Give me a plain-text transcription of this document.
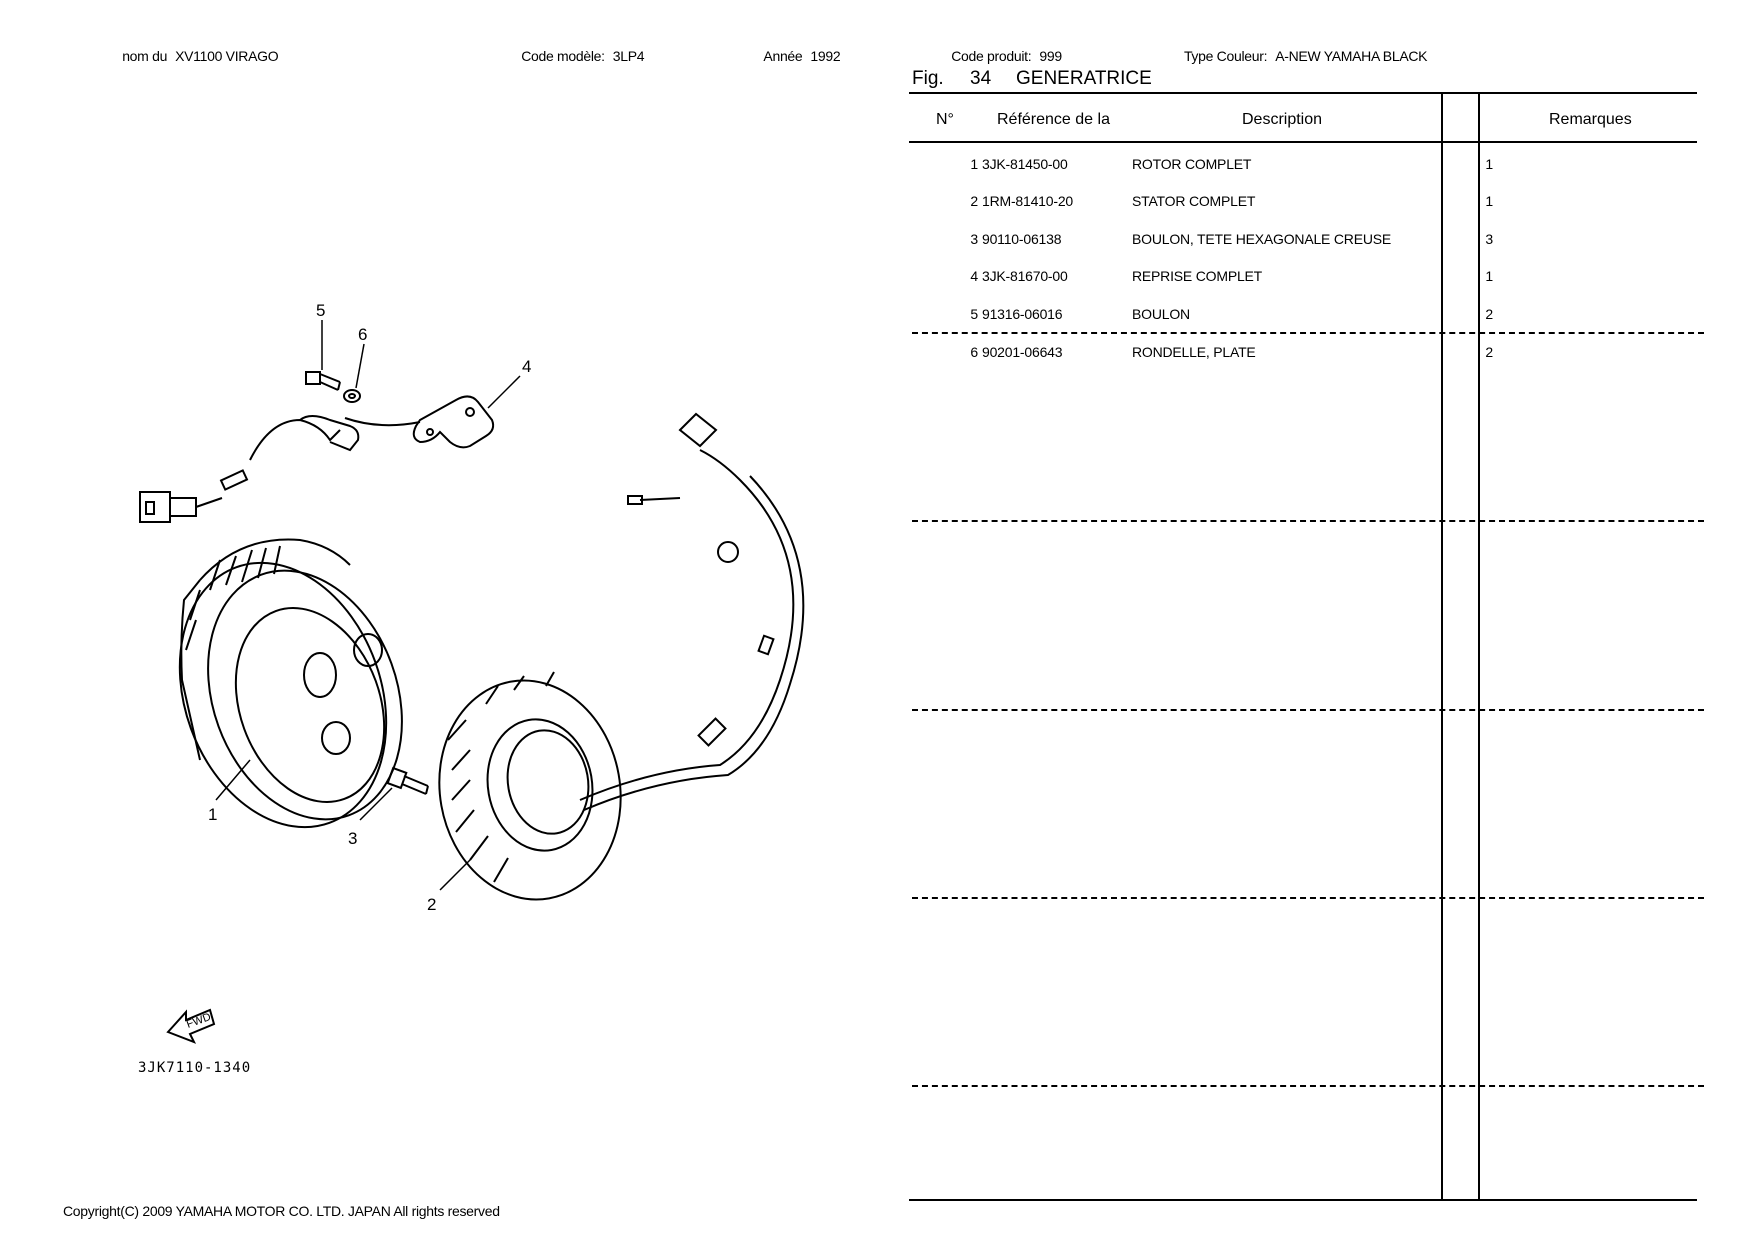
nom du XV1100 VIRAGO	Code modèle: 3LP4	Année 1992	Code produit: 999	Type Couleur: A-NEW YAMAHA BLACK

Fig. 34 GENERATRICE
N°	Référence de la	Description	Remarques
1 3JK-81450-00	ROTOR COMPLET	1
2 1RM-81410-20	STATOR COMPLET	1
3 90110-06138	BOULON, TETE HEXAGONALE CREUSE	3
4 3JK-81670-00	REPRISE COMPLET	1
5 91316-06016	BOULON	2
6 90201-06643	RONDELLE, PLATE	2
1
2
3
4
5
6
FWD
3JK7110-1340
Copyright(C) 2009 YAMAHA MOTOR CO. LTD. JAPAN All rights reserved
